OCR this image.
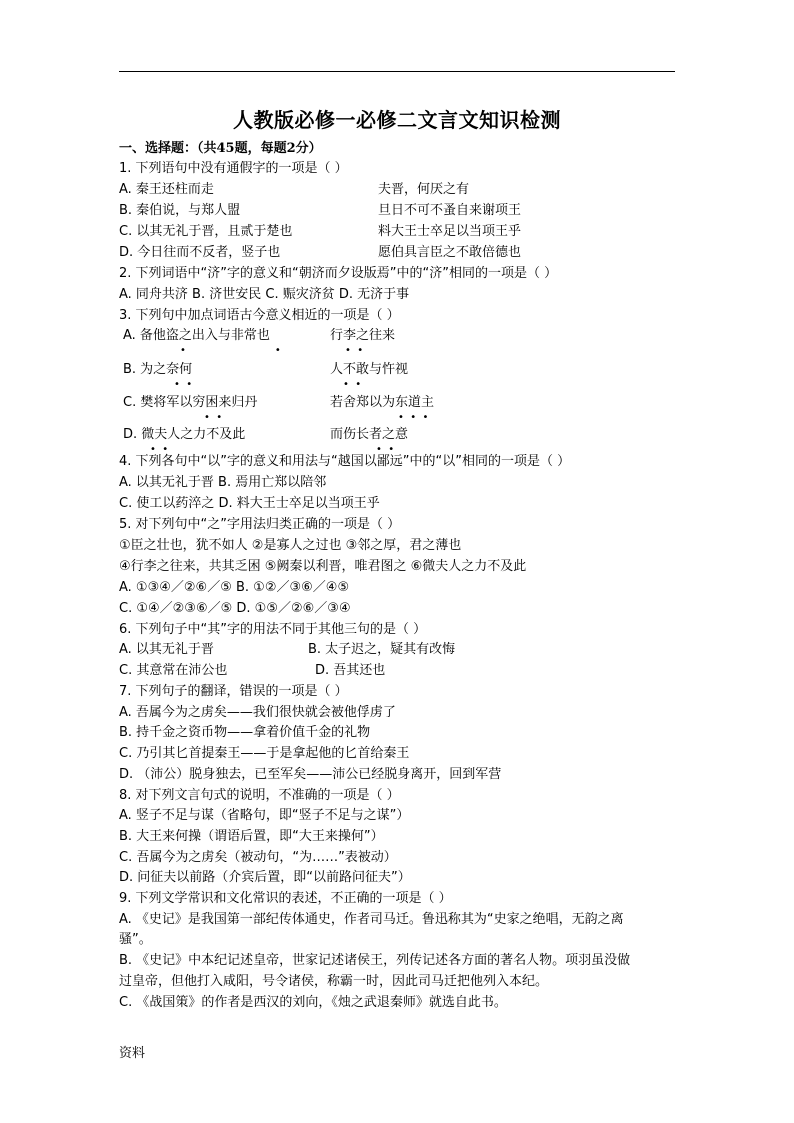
人教版必修一必修二文言文知识检测
一、选择题：（共45题，每题2分）
1. 下列语句中没有通假字的一项是（ ）
A. 秦王还柱而走	夫晋，何厌之有
B. 秦伯说，与郑人盟	旦日不可不蚤自来谢项王
C. 以其无礼于晋，且贰于楚也	料大王士卒足以当项王乎
D. 今日往而不反者，竖子也	愿伯具言臣之不敢倍德也
2. 下列词语中“济”字的意义和“朝济而夕设版焉”中的“济”相同的一项是（ ）
A. 同舟共济 B. 济世安民 C. 赈灾济贫 D. 无济于事
3. 下列句中加点词语古今意义相近的一项是（ ）
A. 备他盗之出入与非常也	行李之往来
•                            •	•  •
B. 为之奈何	人不敢与忤视
•  •	•  •
C. 樊将军以穷困来归丹	若舍郑以为东道主
•  •	•  •  •
D. 微夫人之力不及此	而伤长者之意
•  •	•  •
4. 下列各句中“以”字的意义和用法与“越国以鄙远”中的“以”相同的一项是（ ）
A. 以其无礼于晋 B. 焉用亡郑以陪邻
C. 使工以药淬之 D. 料大王士卒足以当项王乎
5. 对下列句中“之”字用法归类正确的一项是（ ）
①臣之壮也，犹不如人 ②是寡人之过也 ③邻之厚，君之薄也
④行李之往来，共其乏困 ⑤阙秦以利晋，唯君图之 ⑥微夫人之力不及此
A. ①③④／②⑥／⑤ B. ①②／③⑥／④⑤
C. ①④／②③⑥／⑤ D. ①⑤／②⑥／③④
6. 下列句子中“其”字的用法不同于其他三句的是（ ）
A. 以其无礼于晋	B. 太子迟之，疑其有改悔
C. 其意常在沛公也	D. 吾其还也
7. 下列句子的翻译，错误的一项是（ ）
A. 吾属今为之虏矣——我们很快就会被他俘虏了
B. 持千金之资币物——拿着价值千金的礼物
C. 乃引其匕首提秦王——于是拿起他的匕首给秦王
D. （沛公）脱身独去，已至军矣——沛公已经脱身离开，回到军营
8. 对下列文言句式的说明，不准确的一项是（ ）
A. 竖子不足与谋（省略句，即“竖子不足与之谋”）
B. 大王来何操（谓语后置，即“大王来操何”）
C. 吾属今为之虏矣（被动句，“为……”表被动）
D. 问征夫以前路（介宾后置，即“以前路问征夫”）
9. 下列文学常识和文化常识的表述，不正确的一项是（ ）
A. 《史记》是我国第一部纪传体通史，作者司马迁。鲁迅称其为“史家之绝唱，无韵之离
骚”。
B. 《史记》中本纪记述皇帝，世家记述诸侯王，列传记述各方面的著名人物。项羽虽没做
过皇帝，但他打入咸阳，号令诸侯，称霸一时，因此司马迁把他列入本纪。
C. 《战国策》的作者是西汉的刘向，《烛之武退秦师》就选自此书。
资料
